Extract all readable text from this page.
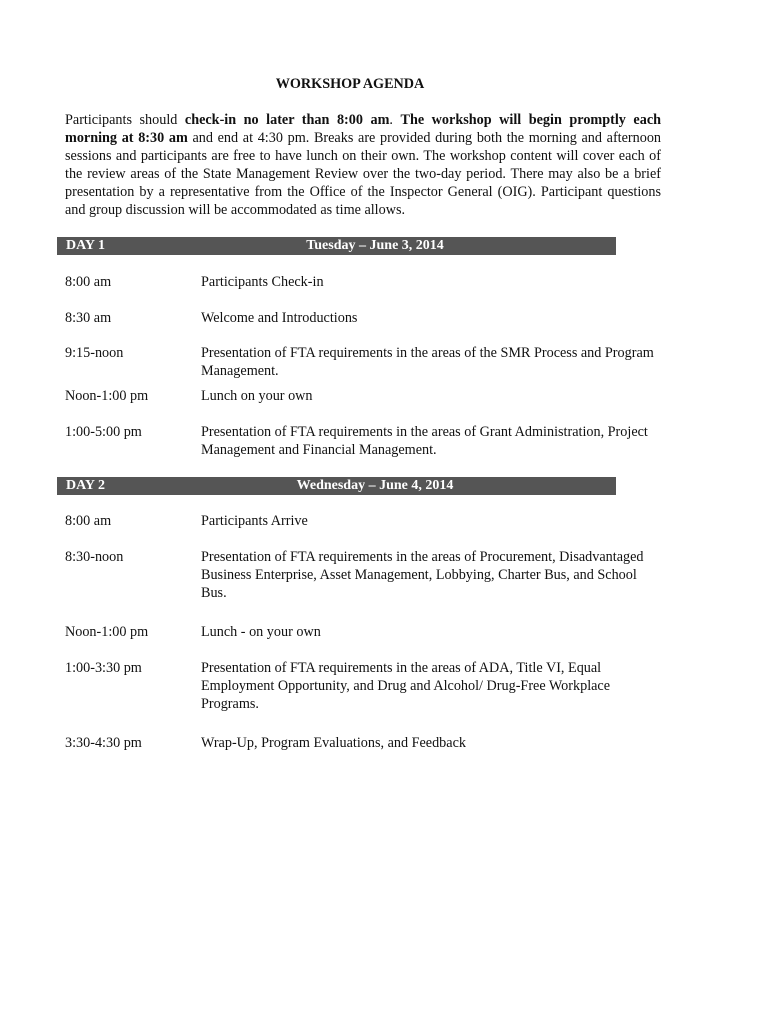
WORKSHOP AGENDA

Participants should check-in no later than 8:00 am. The workshop will begin promptly each morning at 8:30 am and end at 4:30 pm. Breaks are provided during both the morning and afternoon sessions and participants are free to have lunch on their own. The workshop content will cover each of the review areas of the State Management Review over the two-day period. There may also be a brief presentation by a representative from the Office of the Inspector General (OIG). Participant questions and group discussion will be accommodated as time allows.

DAY 1	Tuesday – June 3, 2014
8:00 am	Participants Check-in
8:30 am	Welcome and Introductions
9:15-noon	Presentation of FTA requirements in the areas of the SMR Process and Program Management.
Noon-1:00 pm	Lunch on your own
1:00-5:00 pm	Presentation of FTA requirements in the areas of Grant Administration, Project Management and Financial Management.
DAY 2	Wednesday – June 4, 2014
8:00 am	Participants Arrive
8:30-noon	Presentation of FTA requirements in the areas of Procurement, Disadvantaged Business Enterprise, Asset Management, Lobbying, Charter Bus, and School Bus.
Noon-1:00 pm	Lunch - on your own
1:00-3:30 pm	Presentation of FTA requirements in the areas of ADA, Title VI, Equal Employment Opportunity, and Drug and Alcohol/ Drug-Free Workplace Programs.
3:30-4:30 pm	Wrap-Up, Program Evaluations, and Feedback
